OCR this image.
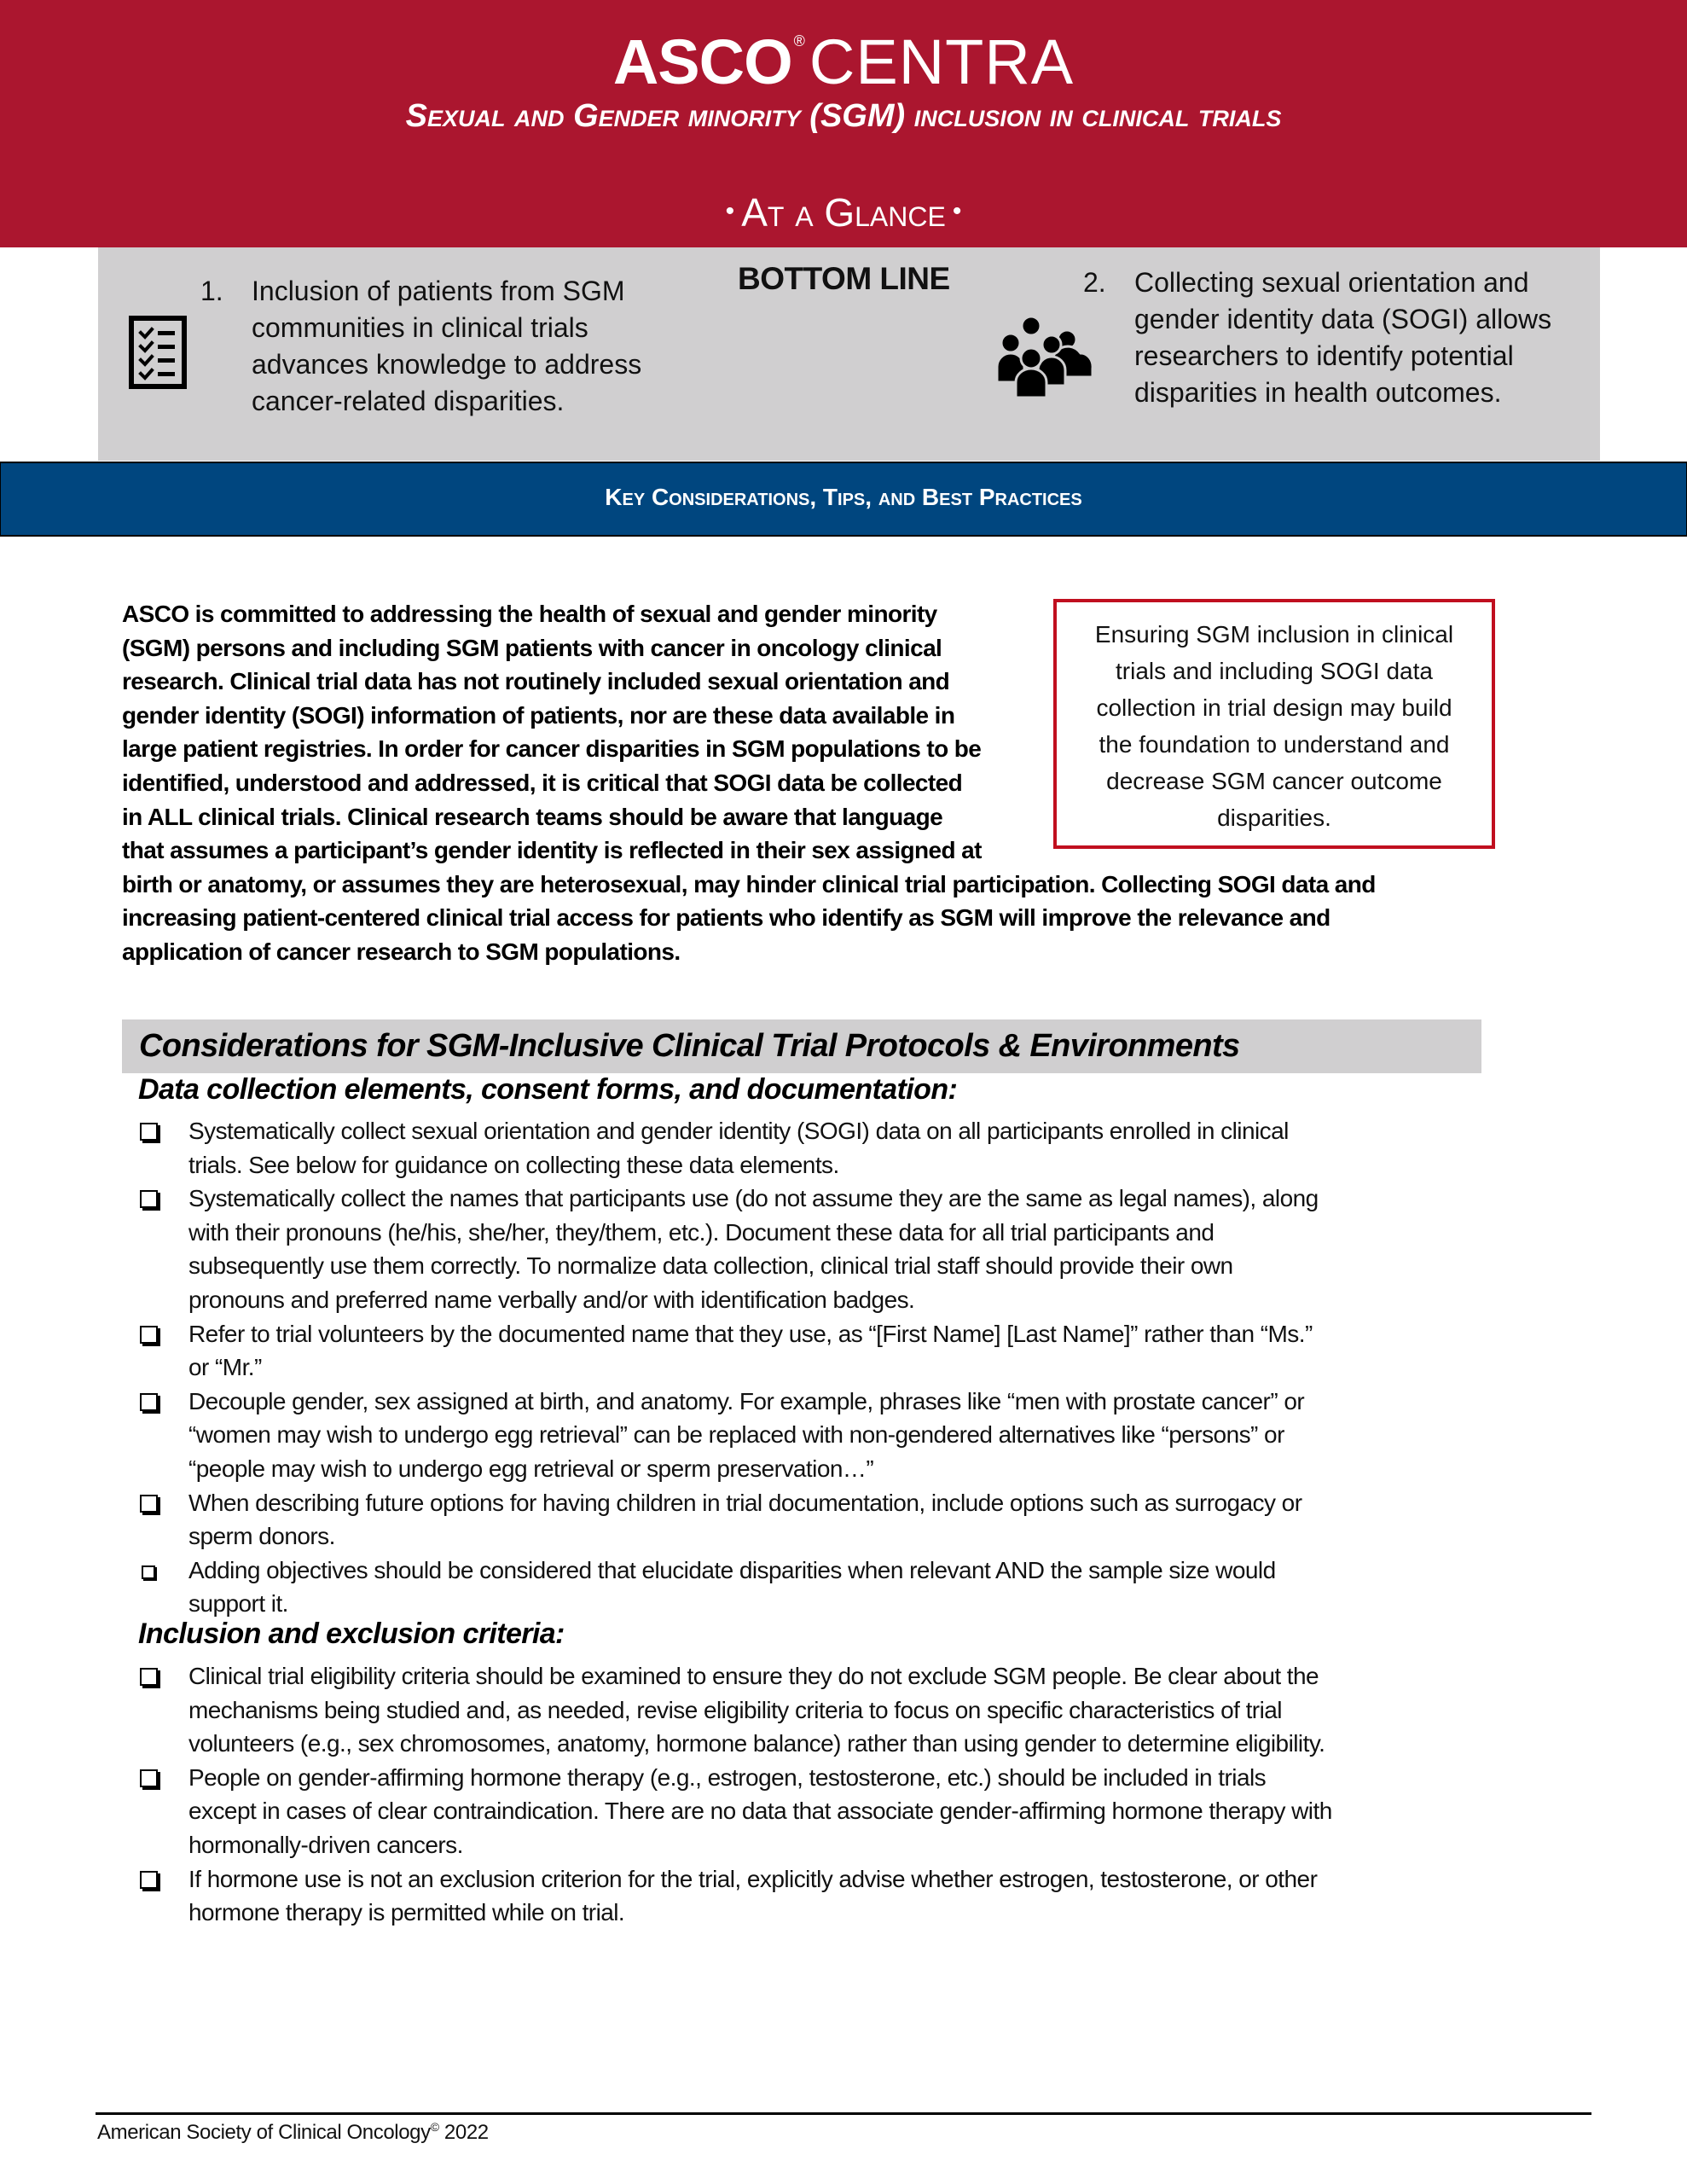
ASCO ®CENTRA
Sexual and Gender minority (SGM) inclusion in clinical trials
• At a Glance •
1. Inclusion of patients from SGM
communities in clinical trials
advances knowledge to address
cancer-related disparities.
BOTTOM LINE	2. Collecting sexual orientation and
gender identity data (SOGI) allows
researchers to identify potential
disparities in health outcomes.
Key Considerations, Tips, and Best Practices
ASCO is committed to addressing the health of sexual and gender minority
(SGM) persons and including SGM patients with cancer in oncology clinical
research. Clinical trial data has not routinely included sexual orientation and
gender identity (SOGI) information of patients, nor are these data available in
large patient registries. In order for cancer disparities in SGM populations to be
identified, understood and addressed, it is critical that SOGI data be collected
in ALL clinical trials. Clinical research teams should be aware that language
that assumes a participant’s gender identity is reflected in their sex assigned at
birth or anatomy, or assumes they are heterosexual, may hinder clinical trial participation. Collecting SOGI data and
increasing patient-centered clinical trial access for patients who identify as SGM will improve the relevance and
application of cancer research to SGM populations.
Ensuring SGM inclusion in clinical
trials and including SOGI data
collection in trial design may build
the foundation to understand and
decrease SGM cancer outcome
disparities.
Considerations for SGM-Inclusive Clinical Trial Protocols & Environments
Data collection elements, consent forms, and documentation:
Systematically collect sexual orientation and gender identity (SOGI) data on all participants enrolled in clinical
trials. See below for guidance on collecting these data elements.
Systematically collect the names that participants use (do not assume they are the same as legal names), along
with their pronouns (he/his, she/her, they/them, etc.). Document these data for all trial participants and
subsequently use them correctly. To normalize data collection, clinical trial staff should provide their own
pronouns and preferred name verbally and/or with identification badges.
Refer to trial volunteers by the documented name that they use, as “[First Name] [Last Name]” rather than “Ms.”
or “Mr.”
Decouple gender, sex assigned at birth, and anatomy. For example, phrases like “men with prostate cancer” or
“women may wish to undergo egg retrieval” can be replaced with non-gendered alternatives like “persons” or
“people may wish to undergo egg retrieval or sperm preservation…”
When describing future options for having children in trial documentation, include options such as surrogacy or
sperm donors.
Adding objectives should be considered that elucidate disparities when relevant AND the sample size would
support it.
Inclusion and exclusion criteria:
Clinical trial eligibility criteria should be examined to ensure they do not exclude SGM people. Be clear about the
mechanisms being studied and, as needed, revise eligibility criteria to focus on specific characteristics of trial
volunteers (e.g., sex chromosomes, anatomy, hormone balance) rather than using gender to determine eligibility.
People on gender-affirming hormone therapy (e.g., estrogen, testosterone, etc.) should be included in trials
except in cases of clear contraindication. There are no data that associate gender-affirming hormone therapy with
hormonally-driven cancers.
If hormone use is not an exclusion criterion for the trial, explicitly advise whether estrogen, testosterone, or other
hormone therapy is permitted while on trial.
American Society of Clinical Oncology© 2022
